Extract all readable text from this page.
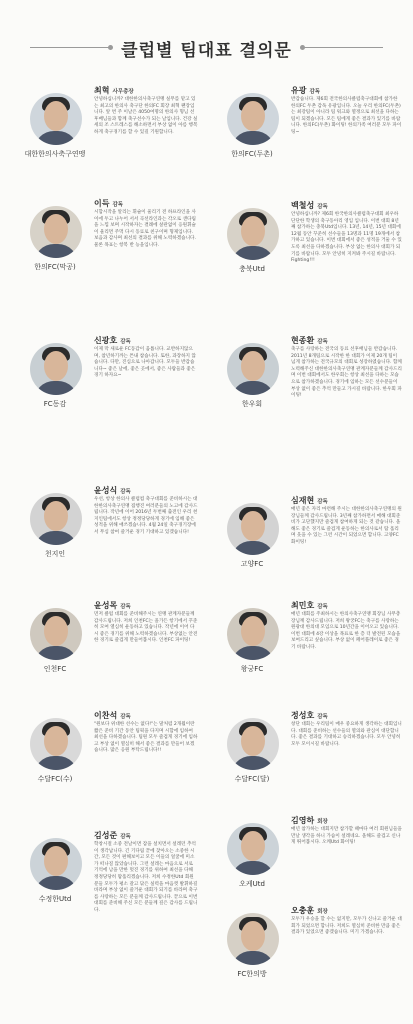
클럽별 팀대표 결의문
대한한의사축구연맹
최혁 사무총장
안녕하십니까? 대한한의사축구연맹 실무를 맡고 있는 최고의 한의사 축구단 한의FC 회장 최혁 팬장입니다. 앞 번 주 이날은 4050여명의 한의사 형님 선후배님들과 함께 축구선수가 되는 날입니다. 건강 실세의 조 스트레스를 해소하면서 부상 없이 아름 행복하게 축구경기를 할 수 있길 기원합니다.
한의FC(막공)
이득 감독
시합시작을 알리는 휘슬이 울리기 전 하프라인을 사이에 두고 나누어 서서 곡선라인과는 각오로 샌다림을 느낍 보며 시작하자는 결례에 살관없이 응원휘슬이 울리면 주먹 다시 동료로 친구이며 형제입니다. 보음과 감사며 최선의 결과를 위해 노력하겠습니다. 물론 목표는 항복 반 능을입니다.
FC동감
신광호 감독
이제 막 새로운 FC동감이 움틉니다. 교반하지않으며, 참년하기까는 튼내 참습니다. 또한, 과장하지 않습니다. 다만, 진심으로 나아갑니다. 모두들 반갑습니다~ 좋은 날에, 좋은 곳에서, 좋은 사람들과 좋은 경기 하자요~
천지인
윤성식 감독
우선, 항상 한의사 클럽컵 축구대회를 준비하시는 대한한의사축구연맹 집행진 여러분들의 노고에 감사드립니다. 작년에 이어 2016년 두번째 출전인 우리 천지인팀에서도 항상 정정당당하게 경기에 임해 좋은 성적을 위해 애쓰겠습니다. 4월 24일 축구경기장에서 무심 참여 즐거운 경기 기대하고 있겠습니다!
인천FC
윤성목 감독
먼저 클럽 대회를 준비해주시는 연맹 관계자분들께 감사드립니다. 저희 인천FC는 올가든 항기에서 꾸준히 모여 열심히 운동하고 있습니다. 작년에 이어 다시 좋은 경기를 위해 노력하겠습니다. 부상없는 안전한 경기로 즐겁게 만들어봅시다. 인천FC 파이팅!
수달FC(수)
이찬석 감독
"원보다 위대한 선수는 없다!"는 말처럼 2개월이란 짧은 준비 기간 동안 팀웍을 다지며 시합에 임하여 최선을 다하겠습니다. 팀원 모두 즐겁게 경기에 임하고 부상 없이 열심히 해서 좋은 결과를 만들어 보겠습니다. 많은 응원 부탁드립니다!!
수정한Utd
김성준 감독
학창시절 소중 전날이면 잠을 설치면서 설레던 추억이 생각납니다. 긴 기다림 끝에 찾아오는 소중한 시간, 모든 것이 편해보이고 모든 이들의 얼굴에 미소가 떠나질 않았습니다. 그런 설레는 마음으로 서로 기억에 남을 만한 멋진 경기를 위하여 최선을 다해 정정당당히 땀흘리겠습니다. 저희 수정한Utd 회원분들 모두가 평소 갈고 닦은 실력을 마음껏 발휘하길 바라며 부상 없이 즐거운 대회가 되기를 바라며 축구를 사랑하는 모든 분들께 감사드립니다. 끝으로 이번 대회를 준비해 주신 모든 분들께 깊은 감사를 드립니다.
한의FC(두촌)
유광 감독
반갑습니다. 제6회 전국한의사클럽축구대회에 참가한 한의FC 두촌 감독 유광입니다. 오늘 우리 한의FC(두촌)는 최강팀이 아니라 팀 워크와 열정으로 최선을 다하는 팀이 되겠습니다. 모든 팀에게 좋은 결과가 있기를 바랍니다. 한의FC(두촌) 화이팅! 한의가족 여러분 모두 파이팅~
충북Utd
백철성 감독
안녕하십니까? 제6회 한국한의사클럽축구대회 최우하 단단한 학생의 축구동아리 영입 입니다. 이번 대회 8년째 참가하는 충북Utd입니다. 13년, 14년, 15년 대회에 12월 동안 꾸준히 선수들을 13명과 11명 19개에서 참가하고 있습니다. 이번 대회에서 좋은 성적을 거둘 수 있도록 최선을 다하겠습니다. 부상 없는 한의사 대회가 되기를 바랍니다. 모두 안녕히 지켜봐 주시길 바랍니다. Fighting!!!
한우회
현종환 감독
축구를 사랑하는 전국의 동료 선후배님들 반갑습니다. 2011년 8개팀으로 시작한 한 대회가 이제 20개 팀이 넘게 참가하는 전국규모의 대회로 성장하였습니다. 함께 노력해주신 대한한의사축구연맹 관계자분들께 감사드리며 이번 대회에서도 한우회는 항상 최선을 다하는 모습으로 참가하겠습니다. 경기에 임하는 모든 선수분들이 부상 없이 좋은 추억 만들고 가시길 바랍니다. 한우회 파이팅!
고양FC
심재현 감독
매년 좋은 자리 마련해 주시는 대한한의사축구연맹의 원장님들께 감사드립니다. 3년째 참가하면서 매해 대회준비가 고단했지만 즐겁게 참여하게 되는 것 같습니다. 올해도 좋은 경기로 즐겁게 운동하는 한의사로서 땀 흘리며 웃을 수 있는 그런 시간이 되었으면 합니다. 고양FC 화이팅!
왕궁FC
최민호 감독
매년 대회를 주최하시는 한의사축구연맹 회장님 사무총장님께 감사드립니다. 저희 왕궁FC는 축구를 사랑하는 원광대 한의대 모임으로 10년간을 이어오고 있습니다. 이번 대회에 4강 이상을 목표로 한 층 더 발전된 모습을 보여드리고 싶습니다. 부상 없이 페어플레이로 좋은 경기 바랍니다.
수달FC(달)
정성호 감독
창단 대회는 우리팀이 매우 중요하게 생각하는 대회입니다. 대회를 준비하는 선수들의 열의와 관심이 대단합니다. 좋은 결과를 기대하고 승리하겠습니다. 모두 안녕히 모두 모이시길 바랍니다.
오케Utd
김영하 회장
매년 참가하는 대회지만 참가할 때마다 여러 회원님들을 만날 생각을 하니 가슴이 설레네요. 올해도 즐겁고 신나게 뛰어봅시다. 오케Utd 화이팅!
FC한의방
오충훈 회장
모두가 우승을 할 수는 없지만, 모두가 신나고 즐거운 대회가 되었으면 합니다. 저희도 열심히 준비한 만큼 좋은 결과가 있었으면 좋겠습니다. 미기 가겠습니다.
